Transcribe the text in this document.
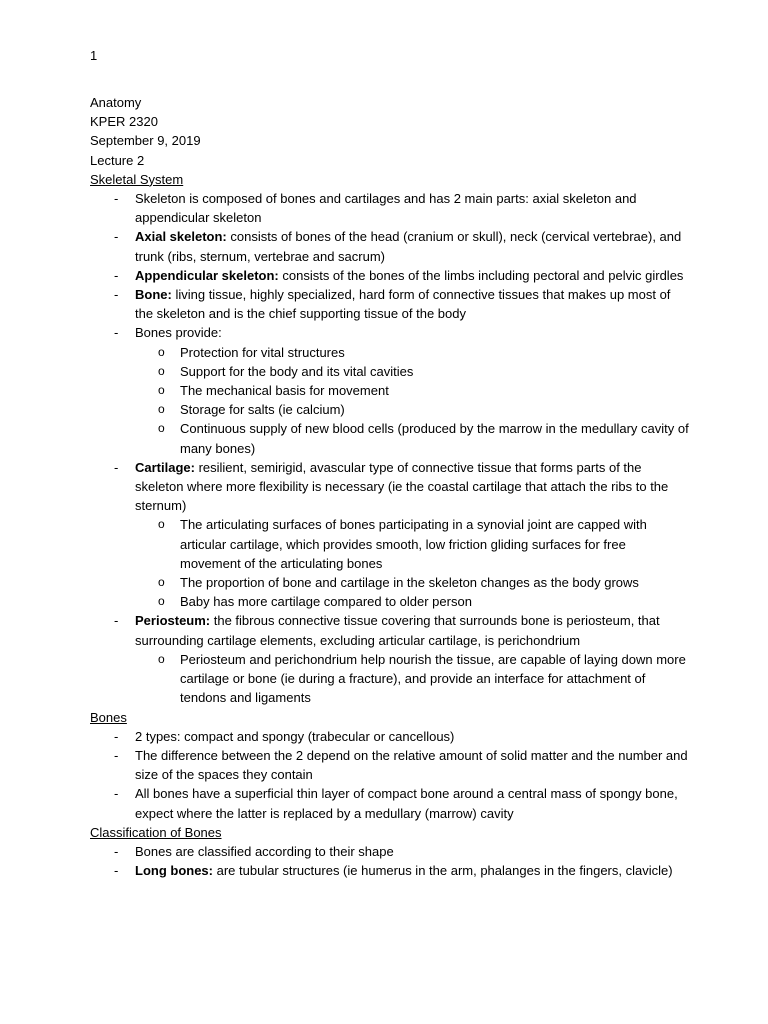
1

Anatomy

KPER 2320

September 9, 2019

Lecture 2

Skeletal System

- Skeleton is composed of bones and cartilages and has 2 main parts: axial skeleton and appendicular skeleton
- Axial skeleton: consists of bones of the head (cranium or skull), neck (cervical vertebrae), and trunk (ribs, sternum, vertebrae and sacrum)
- Appendicular skeleton: consists of the bones of the limbs including pectoral and pelvic girdles
- Bone: living tissue, highly specialized, hard form of connective tissues that makes up most of the skeleton and is the chief supporting tissue of the body
- Bones provide:
o Protection for vital structures
o Support for the body and its vital cavities
o The mechanical basis for movement
o Storage for salts (ie calcium)
o Continuous supply of new blood cells (produced by the marrow in the medullary cavity of many bones)
- Cartilage: resilient, semirigid, avascular type of connective tissue that forms parts of the skeleton where more flexibility is necessary (ie the coastal cartilage that attach the ribs to the sternum)
o The articulating surfaces of bones participating in a synovial joint are capped with articular cartilage, which provides smooth, low friction gliding surfaces for free movement of the articulating bones
o The proportion of bone and cartilage in the skeleton changes as the body grows
o Baby has more cartilage compared to older person
- Periosteum: the fibrous connective tissue covering that surrounds bone is periosteum, that surrounding cartilage elements, excluding articular cartilage, is perichondrium
o Periosteum and perichondrium help nourish the tissue, are capable of laying down more cartilage or bone (ie during a fracture), and provide an interface for attachment of tendons and ligaments

Bones

- 2 types: compact and spongy (trabecular or cancellous)
- The difference between the 2 depend on the relative amount of solid matter and the number and size of the spaces they contain
- All bones have a superficial thin layer of compact bone around a central mass of spongy bone, expect where the latter is replaced by a medullary (marrow) cavity

Classification of Bones

- Bones are classified according to their shape
- Long bones: are tubular structures (ie humerus in the arm, phalanges in the fingers, clavicle)
